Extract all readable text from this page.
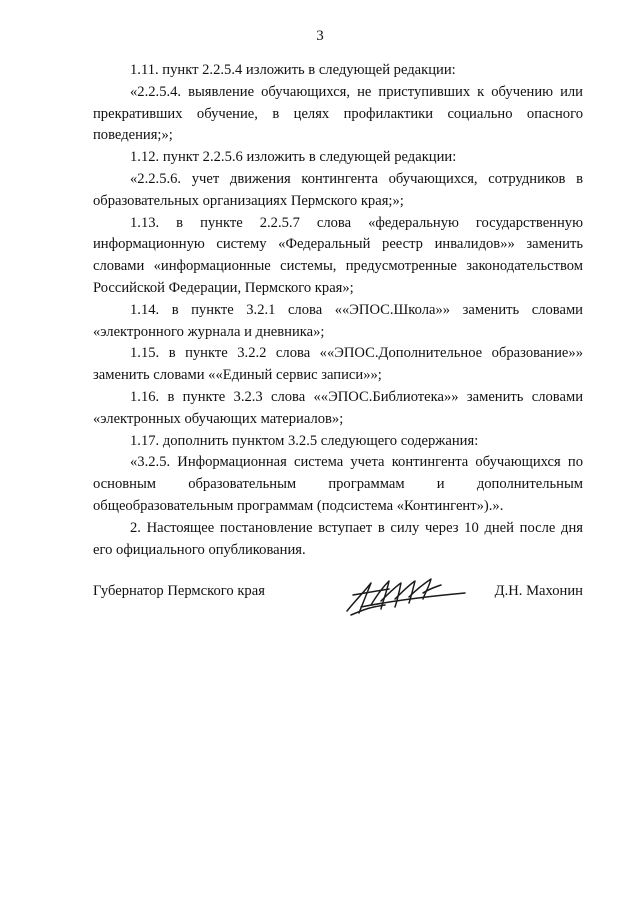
3

1.11. пункт 2.2.5.4 изложить в следующей редакции:

«2.2.5.4. выявление обучающихся, не приступивших к обучению или прекративших обучение, в целях профилактики социально опасного поведения;»;

1.12. пункт 2.2.5.6 изложить в следующей редакции:

«2.2.5.6. учет движения контингента обучающихся, сотрудников в образовательных организациях Пермского края;»;

1.13. в пункте 2.2.5.7 слова «федеральную государственную информационную систему «Федеральный реестр инвалидов»» заменить словами «информационные системы, предусмотренные законодательством Российской Федерации, Пермского края»;

1.14. в пункте 3.2.1 слова ««ЭПОС.Школа»» заменить словами «электронного журнала и дневника»;

1.15. в пункте 3.2.2 слова ««ЭПОС.Дополнительное образование»» заменить словами ««Единый сервис записи»»;

1.16. в пункте 3.2.3 слова ««ЭПОС.Библиотека»» заменить словами «электронных обучающих материалов»;

1.17. дополнить пунктом 3.2.5 следующего содержания:

«3.2.5. Информационная система учета контингента обучающихся по основным образовательным программам и дополнительным общеобразовательным программам (подсистема «Контингент»).».

2. Настоящее постановление вступает в силу через 10 дней после дня его официального опубликования.

Губернатор Пермского края	Д.Н. Махонин
